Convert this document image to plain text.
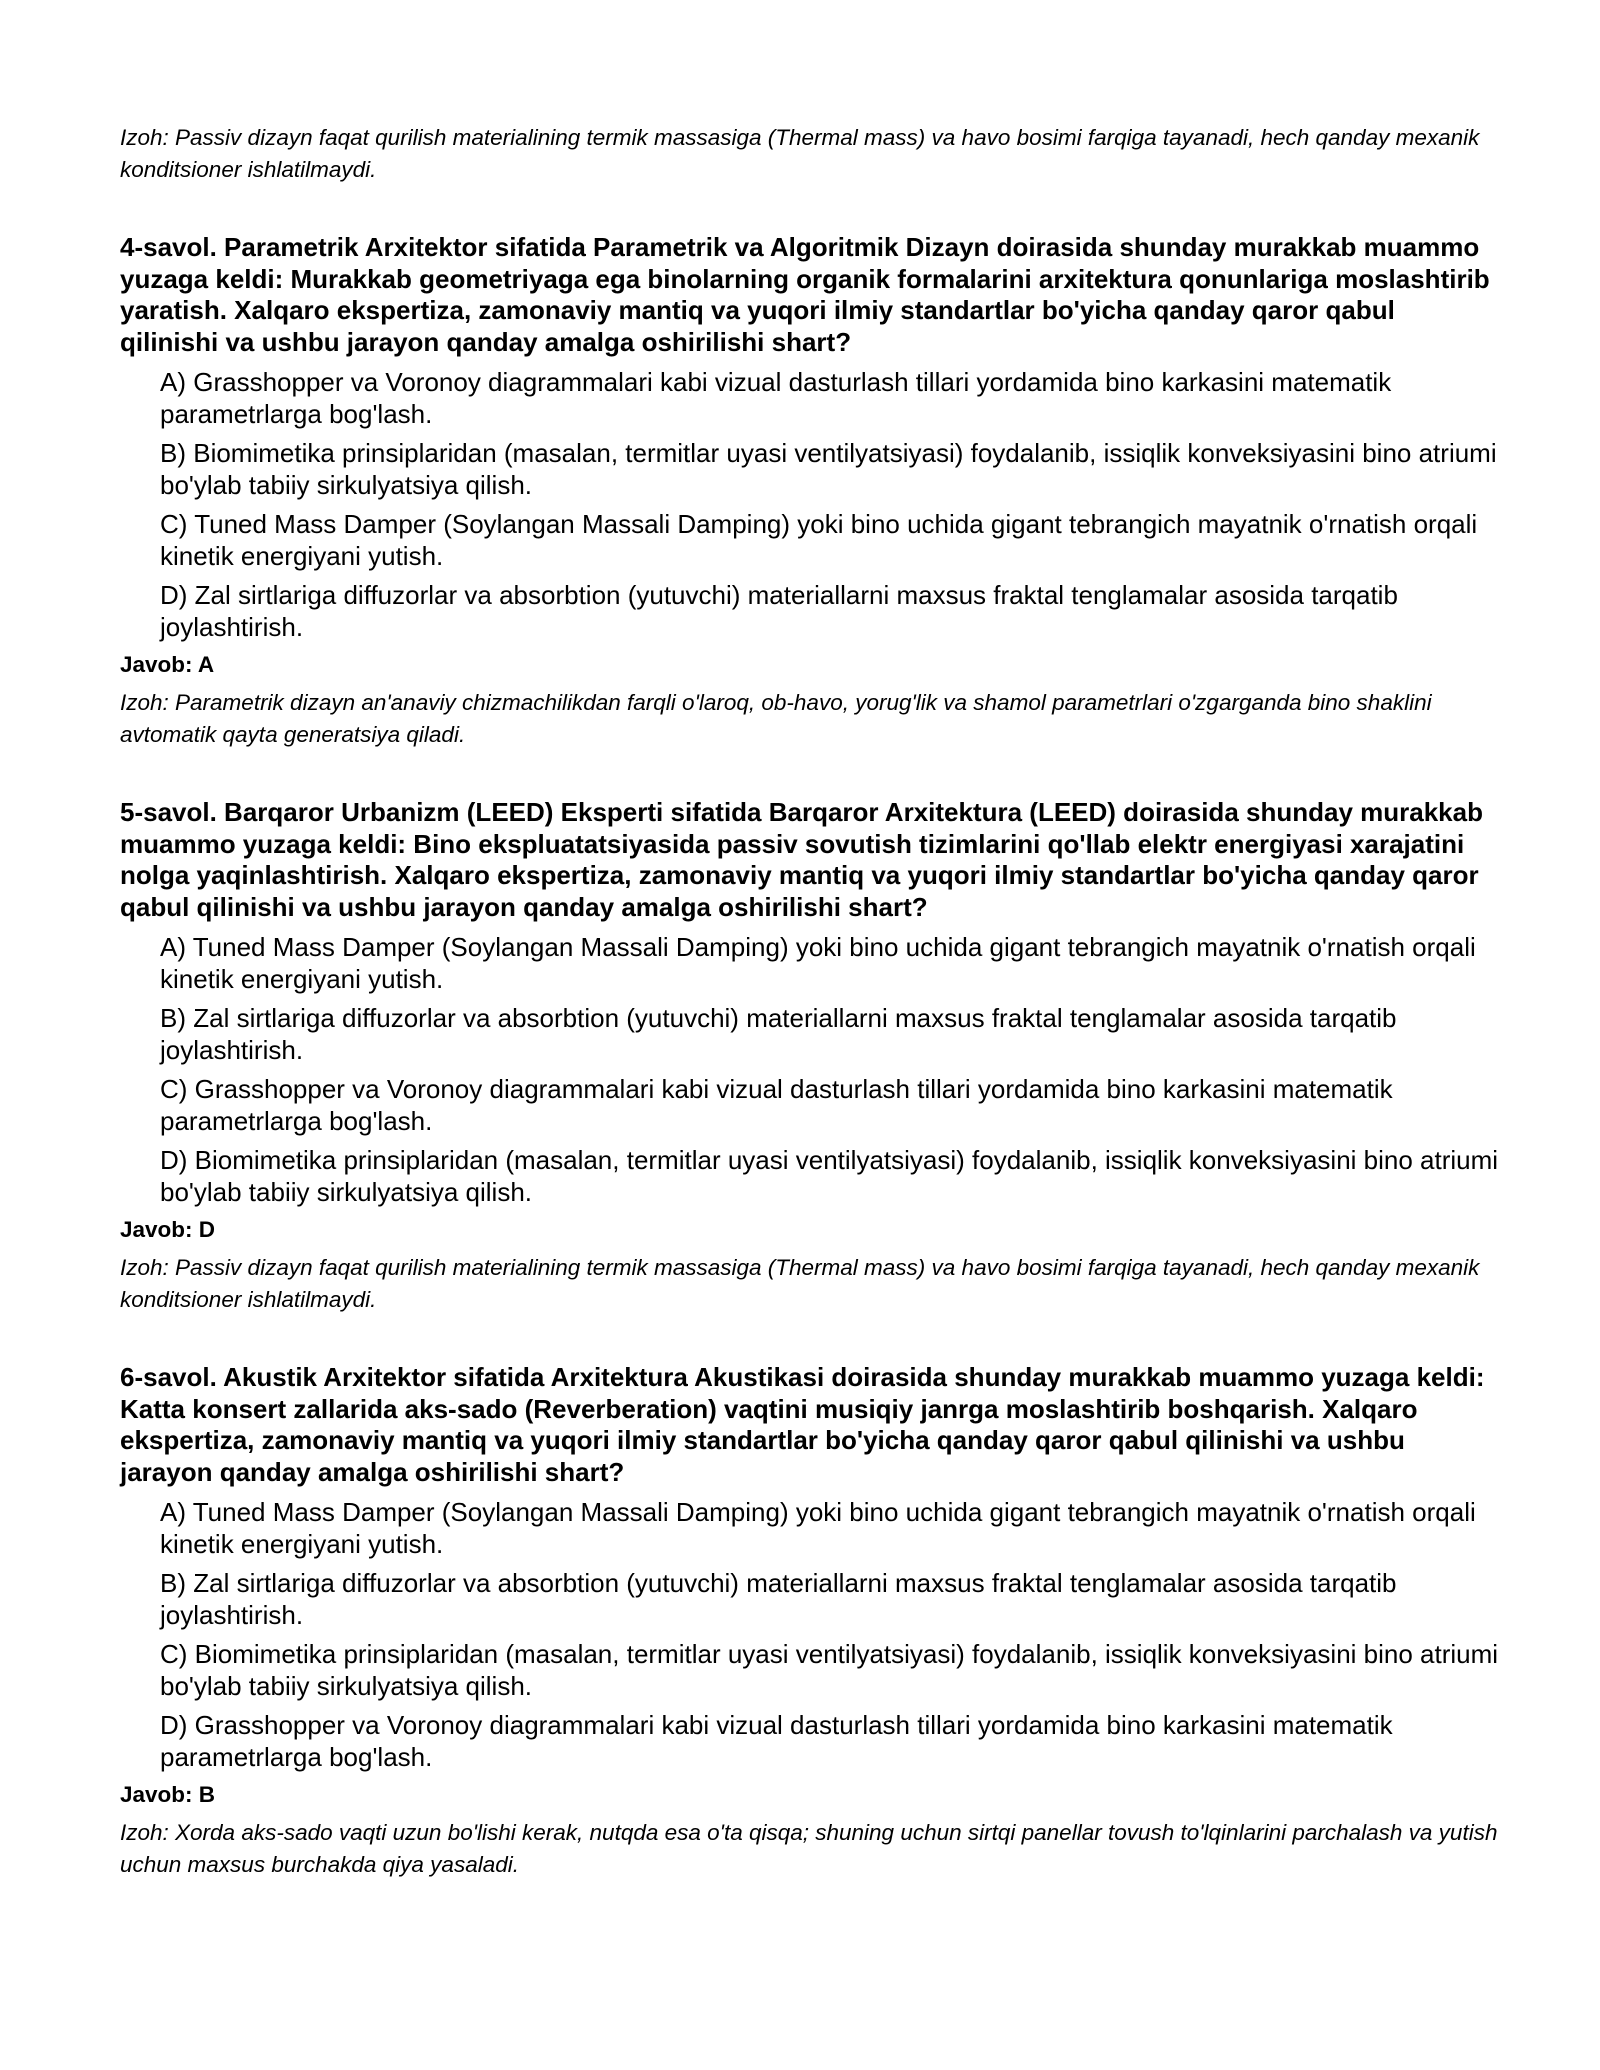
Izoh: Passiv dizayn faqat qurilish materialining termik massasiga (Thermal mass) va havo bosimi farqiga tayanadi, hech qanday mexanik konditsioner ishlatilmaydi.

4-savol. Parametrik Arxitektor sifatida Parametrik va Algoritmik Dizayn doirasida shunday murakkab muammo yuzaga keldi: Murakkab geometriyaga ega binolarning organik formalarini arxitektura qonunlariga moslashtirib yaratish. Xalqaro ekspertiza, zamonaviy mantiq va yuqori ilmiy standartlar bo'yicha qanday qaror qabul qilinishi va ushbu jarayon qanday amalga oshirilishi shart?

A) Grasshopper va Voronoy diagrammalari kabi vizual dasturlash tillari yordamida bino karkasini matematik parametrlarga bog'lash.
B) Biomimetika prinsiplaridan (masalan, termitlar uyasi ventilyatsiyasi) foydalanib, issiqlik konveksiyasini bino atriumi bo'ylab tabiiy sirkulyatsiya qilish.
C) Tuned Mass Damper (Soylangan Massali Damping) yoki bino uchida gigant tebrangich mayatnik o'rnatish orqali kinetik energiyani yutish.
D) Zal sirtlariga diffuzorlar va absorbtion (yutuvchi) materiallarni maxsus fraktal tenglamalar asosida tarqatib joylashtirish.

Javob: A

Izoh: Parametrik dizayn an'anaviy chizmachilikdan farqli o'laroq, ob-havo, yorug'lik va shamol parametrlari o'zgarganda bino shaklini avtomatik qayta generatsiya qiladi.

5-savol. Barqaror Urbanizm (LEED) Eksperti sifatida Barqaror Arxitektura (LEED) doirasida shunday murakkab muammo yuzaga keldi: Bino ekspluatatsiyasida passiv sovutish tizimlarini qo'llab elektr energiyasi xarajatini nolga yaqinlashtirish. Xalqaro ekspertiza, zamonaviy mantiq va yuqori ilmiy standartlar bo'yicha qanday qaror qabul qilinishi va ushbu jarayon qanday amalga oshirilishi shart?

A) Tuned Mass Damper (Soylangan Massali Damping) yoki bino uchida gigant tebrangich mayatnik o'rnatish orqali kinetik energiyani yutish.
B) Zal sirtlariga diffuzorlar va absorbtion (yutuvchi) materiallarni maxsus fraktal tenglamalar asosida tarqatib joylashtirish.
C) Grasshopper va Voronoy diagrammalari kabi vizual dasturlash tillari yordamida bino karkasini matematik parametrlarga bog'lash.
D) Biomimetika prinsiplaridan (masalan, termitlar uyasi ventilyatsiyasi) foydalanib, issiqlik konveksiyasini bino atriumi bo'ylab tabiiy sirkulyatsiya qilish.

Javob: D

Izoh: Passiv dizayn faqat qurilish materialining termik massasiga (Thermal mass) va havo bosimi farqiga tayanadi, hech qanday mexanik konditsioner ishlatilmaydi.

6-savol. Akustik Arxitektor sifatida Arxitektura Akustikasi doirasida shunday murakkab muammo yuzaga keldi: Katta konsert zallarida aks-sado (Reverberation) vaqtini musiqiy janrga moslashtirib boshqarish. Xalqaro ekspertiza, zamonaviy mantiq va yuqori ilmiy standartlar bo'yicha qanday qaror qabul qilinishi va ushbu jarayon qanday amalga oshirilishi shart?

A) Tuned Mass Damper (Soylangan Massali Damping) yoki bino uchida gigant tebrangich mayatnik o'rnatish orqali kinetik energiyani yutish.
B) Zal sirtlariga diffuzorlar va absorbtion (yutuvchi) materiallarni maxsus fraktal tenglamalar asosida tarqatib joylashtirish.
C) Biomimetika prinsiplaridan (masalan, termitlar uyasi ventilyatsiyasi) foydalanib, issiqlik konveksiyasini bino atriumi bo'ylab tabiiy sirkulyatsiya qilish.
D) Grasshopper va Voronoy diagrammalari kabi vizual dasturlash tillari yordamida bino karkasini matematik parametrlarga bog'lash.

Javob: B

Izoh: Xorda aks-sado vaqti uzun bo'lishi kerak, nutqda esa o'ta qisqa; shuning uchun sirtqi panellar tovush to'lqinlarini parchalash va yutish uchun maxsus burchakda qiya yasaladi.
